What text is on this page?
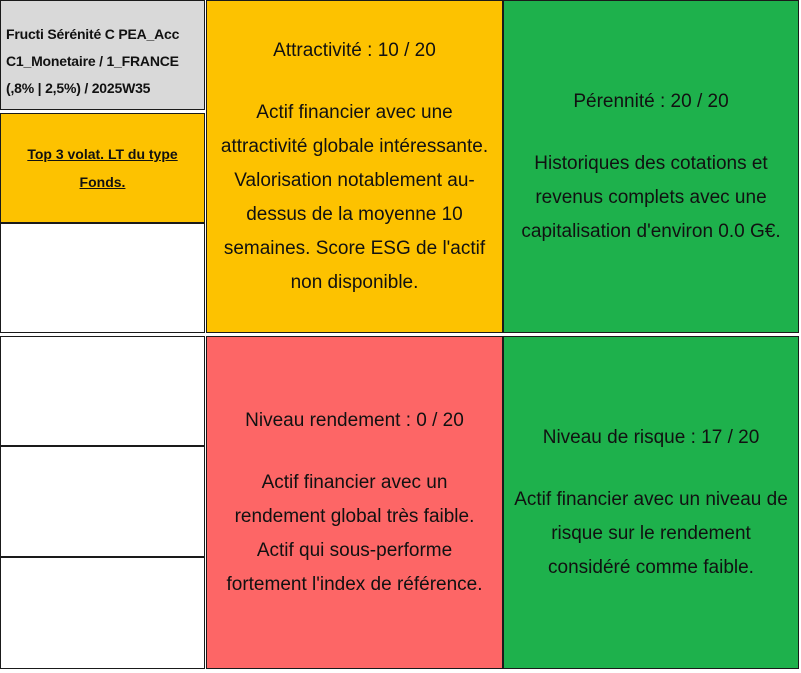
Fructi Sérénité C PEA_Acc
C1_Monetaire / 1_FRANCE
(,8% | 2,5%) / 2025W35
Top 3 volat. LT du type Fonds.
Attractivité : 10 / 20
Actif financier avec une attractivité globale intéressante. Valorisation notablement au-dessus de la moyenne 10 semaines. Score ESG de l'actif non disponible.
Pérennité : 20 / 20
Historiques des cotations et revenus complets avec une capitalisation d'environ 0.0 G€.
Niveau rendement : 0 / 20
Actif financier avec un rendement global très faible. Actif qui sous-performe fortement l'index de référence.
Niveau de risque : 17 / 20
Actif financier avec un niveau de risque sur le rendement considéré comme faible.
